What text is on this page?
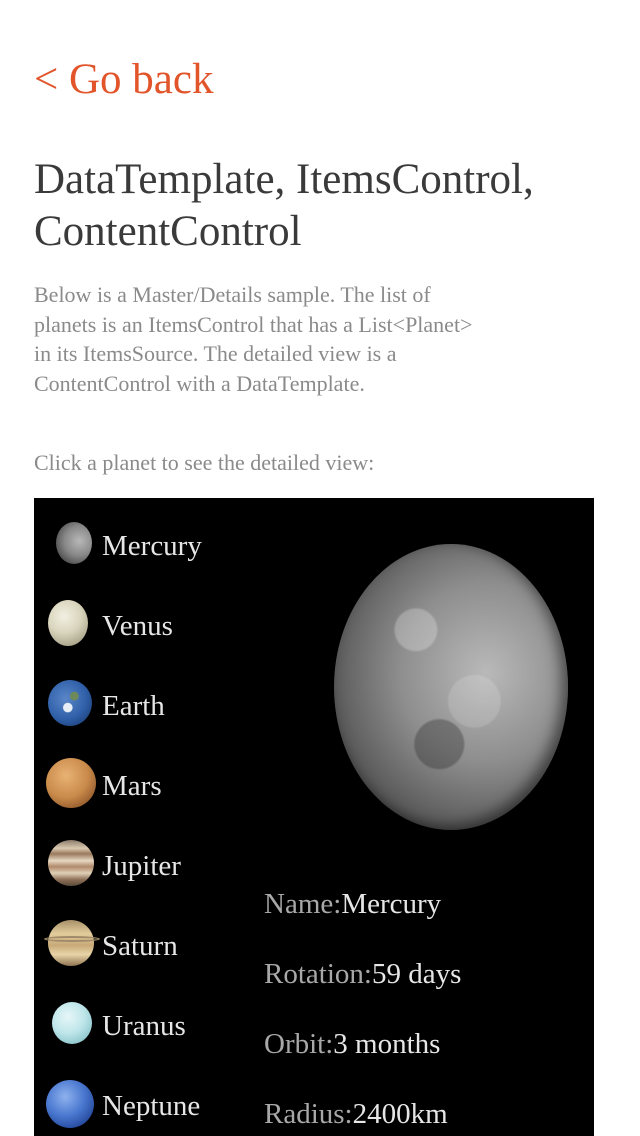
< Go back
DataTemplate, ItemsControl, ContentControl

Below is a Master/Details sample. The list of planets is an ItemsControl that has a List<Planet> in its ItemsSource. The detailed view is a ContentControl with a DataTemplate.

Click a planet to see the detailed view:

Mercury
Venus
Earth
Mars
Jupiter
Saturn
Uranus
Neptune
Name:Mercury
Rotation:59 days
Orbit:3 months
Radius:2400km
